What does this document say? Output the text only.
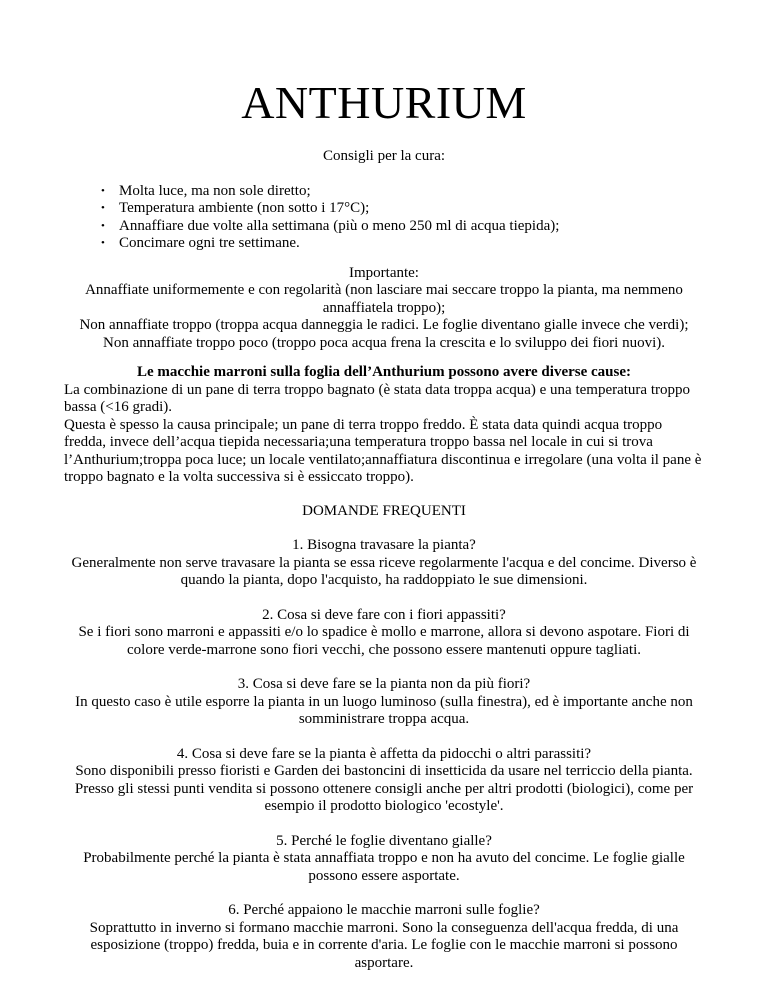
ANTHURIUM
Consigli per la cura:
• Molta luce, ma non sole diretto;
• Temperatura ambiente (non sotto i 17°C);
• Annaffiare due volte alla settimana (più o meno 250 ml di acqua tiepida);
• Concimare ogni tre settimane.
Importante:
Annaffiate uniformemente e con regolarità (non lasciare mai seccare troppo la pianta, ma nemmeno annaffiatela troppo);
Non annaffiate troppo (troppa acqua danneggia le radici. Le foglie diventano gialle invece che verdi);
Non annaffiate troppo poco (troppo poca acqua frena la crescita e lo sviluppo dei fiori nuovi).
Le macchie marroni sulla foglia dell’Anthurium possono avere diverse cause:
La combinazione di un pane di terra troppo bagnato (è stata data troppa acqua) e una temperatura troppo bassa (<16 gradi).
Questa è spesso la causa principale; un pane di terra troppo freddo. È stata data quindi acqua troppo fredda, invece dell’acqua tiepida necessaria;una temperatura troppo bassa nel locale in cui si trova l’Anthurium;troppa poca luce; un locale ventilato;annaffiatura discontinua e irregolare (una volta il pane è troppo bagnato e la volta successiva si è essiccato troppo).
DOMANDE FREQUENTI

1. Bisogna travasare la pianta?

Generalmente non serve travasare la pianta se essa riceve regolarmente l'acqua e del concime. Diverso è quando la pianta, dopo l'acquisto, ha raddoppiato le sue dimensioni.

2. Cosa si deve fare con i fiori appassiti?

Se i fiori sono marroni e appassiti e/o lo spadice è mollo e marrone, allora si devono aspotare. Fiori di colore verde-marrone sono fiori vecchi, che possono essere mantenuti oppure tagliati.

3. Cosa si deve fare se la pianta non da più fiori?

In questo caso è utile esporre la pianta in un luogo luminoso (sulla finestra), ed è importante anche non somministrare troppa acqua.

4. Cosa si deve fare se la pianta è affetta da pidocchi o altri parassiti?

Sono disponibili presso fioristi e Garden dei bastoncini di insetticida da usare nel terriccio della pianta. Presso gli stessi punti vendita si possono ottenere consigli anche per altri prodotti (biologici), come per esempio il prodotto biologico 'ecostyle'.

5. Perché le foglie diventano gialle?

Probabilmente perché la pianta è stata annaffiata troppo e non ha avuto del concime. Le foglie gialle possono essere asportate.

6. Perché appaiono le macchie marroni sulle foglie?

Soprattutto in inverno si formano macchie marroni. Sono la conseguenza dell'acqua fredda, di una esposizione (troppo) fredda, buia e in corrente d'aria. Le foglie con le macchie marroni si possono asportare.
